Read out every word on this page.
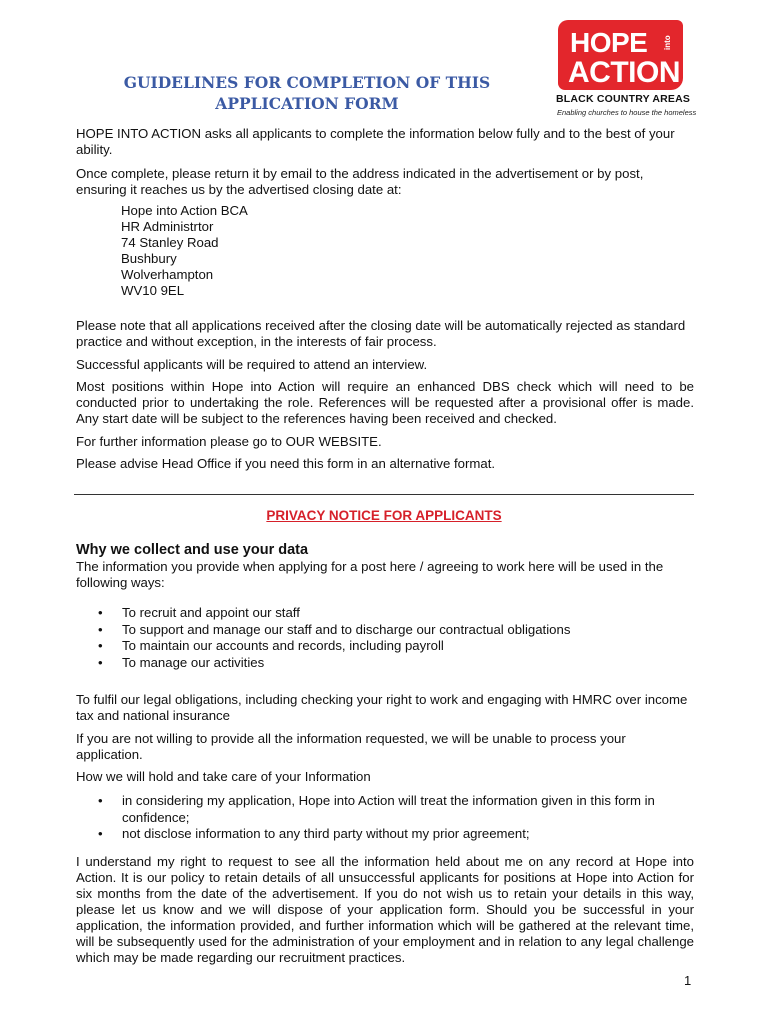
HOPE into
ACTION
BLACK COUNTRY AREAS
Enabling churches to house the homeless
GUIDELINES FOR COMPLETION OF THIS
APPLICATION FORM

HOPE INTO ACTION asks all applicants to complete the information below fully and to the best of your ability.

Once complete, please return it by email to the address indicated in the advertisement or by post, ensuring it reaches us by the advertised closing date at:

Hope into Action BCA
HR Administrtor
74 Stanley Road
Bushbury
Wolverhampton
WV10 9EL

Please note that all applications received after the closing date will be automatically rejected as standard practice and without exception, in the interests of fair process.

Successful applicants will be required to attend an interview.

Most positions within Hope into Action will require an enhanced DBS check which will need to be conducted prior to undertaking the role. References will be requested after a provisional offer is made. Any start date will be subject to the references having been received and checked.

For further information please go to OUR WEBSITE.

Please advise Head Office if you need this form in an alternative format.

PRIVACY NOTICE FOR APPLICANTS
Why we collect and use your data

The information you provide when applying for a post here / agreeing to work here will be used in the following ways:

• To recruit and appoint our staff
• To support and manage our staff and to discharge our contractual obligations
• To maintain our accounts and records, including payroll
• To manage our activities

To fulfil our legal obligations, including checking your right to work and engaging with HMRC over income tax and national insurance

If you are not willing to provide all the information requested, we will be unable to process your application.

How we will hold and take care of your Information

• in considering my application, Hope into Action will treat the information given in this form in confidence;
• not disclose information to any third party without my prior agreement;

I understand my right to request to see all the information held about me on any record at Hope into Action. It is our policy to retain details of all unsuccessful applicants for positions at Hope into Action for six months from the date of the advertisement. If you do not wish us to retain your details in this way, please let us know and we will dispose of your application form. Should you be successful in your application, the information provided, and further information which will be gathered at the relevant time, will be subsequently used for the administration of your employment and in relation to any legal challenge which may be made regarding our recruitment practices.

1
